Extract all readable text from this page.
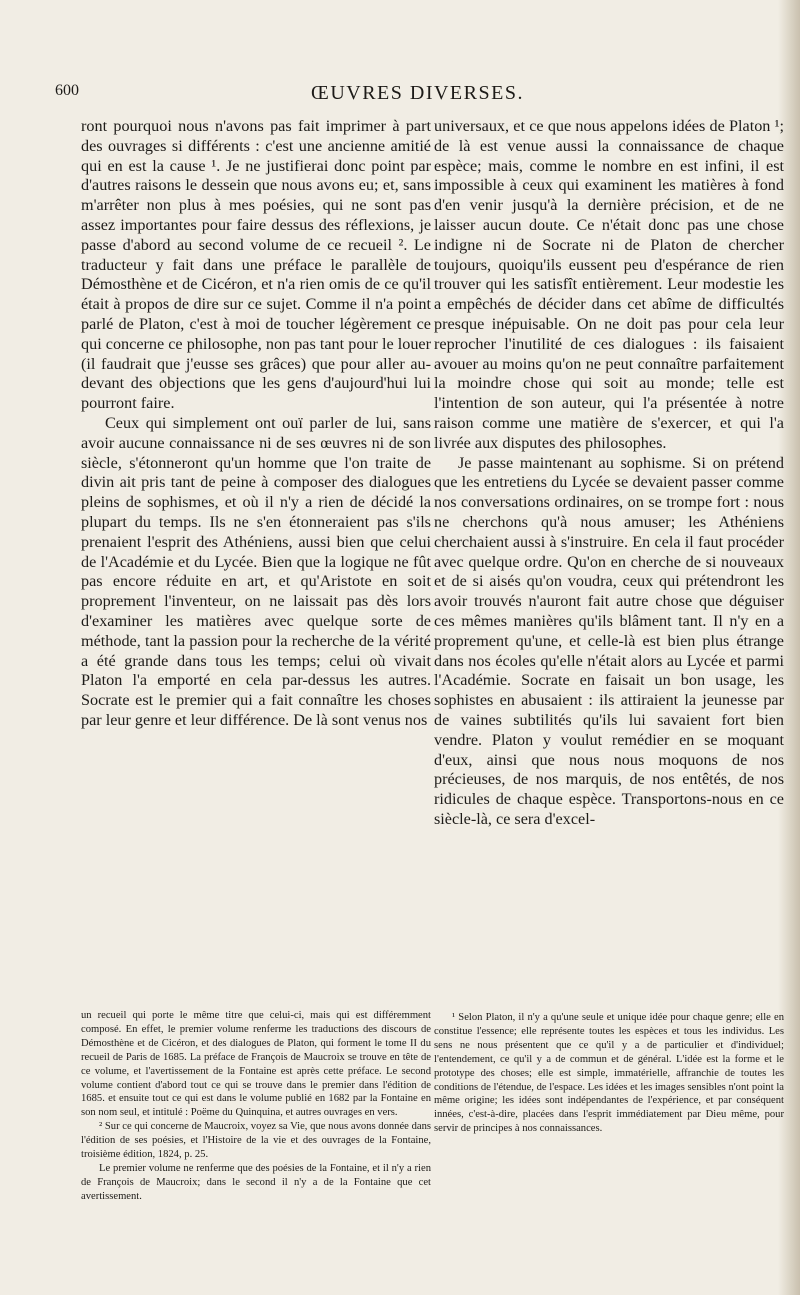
600	ŒUVRES DIVERSES.

ront pourquoi nous n'avons pas fait imprimer à part des ouvrages si différents : c'est une ancienne amitié qui en est la cause ¹. Je ne justifierai donc point par d'autres raisons le dessein que nous avons eu; et, sans m'arrêter non plus à mes poésies, qui ne sont pas assez importantes pour faire dessus des réflexions, je passe d'abord au second volume de ce recueil ². Le traducteur y fait dans une préface le parallèle de Démosthène et de Cicéron, et n'a rien omis de ce qu'il était à propos de dire sur ce sujet. Comme il n'a point parlé de Platon, c'est à moi de toucher légèrement ce qui concerne ce philosophe, non pas tant pour le louer (il faudrait que j'eusse ses grâces) que pour aller au-devant des objections que les gens d'aujourd'hui lui pourront faire.

Ceux qui simplement ont ouï parler de lui, sans avoir aucune connaissance ni de ses œuvres ni de son siècle, s'étonneront qu'un homme que l'on traite de divin ait pris tant de peine à composer des dialogues pleins de sophismes, et où il n'y a rien de décidé la plupart du temps. Ils ne s'en étonneraient pas s'ils prenaient l'esprit des Athéniens, aussi bien que celui de l'Académie et du Lycée. Bien que la logique ne fût pas encore réduite en art, et qu'Aristote en soit proprement l'inventeur, on ne laissait pas dès lors d'examiner les matières avec quelque sorte de méthode, tant la passion pour la recherche de la vérité a été grande dans tous les temps; celui où vivait Platon l'a emporté en cela par-dessus les autres. Socrate est le premier qui a fait connaître les choses par leur genre et leur différence. De là sont venus nos

un recueil qui porte le même titre que celui-ci, mais qui est différemment composé. En effet, le premier volume renferme les traductions des discours de Démosthène et de Cicéron, et des dialogues de Platon, qui forment le tome II du recueil de Paris de 1685. La préface de François de Maucroix se trouve en tête de ce volume, et l'avertissement de la Fontaine est après cette préface. Le second volume contient d'abord tout ce qui se trouve dans le premier dans l'édition de 1685. et ensuite tout ce qui est dans le volume publié en 1682 par la Fontaine en son nom seul, et intitulé : Poëme du Quinquina, et autres ouvrages en vers.

² Sur ce qui concerne de Maucroix, voyez sa Vie, que nous avons donnée dans l'édition de ses poésies, et l'Histoire de la vie et des ouvrages de la Fontaine, troisième édition, 1824, p. 25.

Le premier volume ne renferme que des poésies de la Fontaine, et il n'y a rien de François de Maucroix; dans le second il n'y a de la Fontaine que cet avertissement.

universaux, et ce que nous appelons idées de Platon ¹; de là est venue aussi la connaissance de chaque espèce; mais, comme le nombre en est infini, il est impossible à ceux qui examinent les matières à fond d'en venir jusqu'à la dernière précision, et de ne laisser aucun doute. Ce n'était donc pas une chose indigne ni de Socrate ni de Platon de chercher toujours, quoiqu'ils eussent peu d'espérance de rien trouver qui les satisfît entièrement. Leur modestie les a empêchés de décider dans cet abîme de difficultés presque inépuisable. On ne doit pas pour cela leur reprocher l'inutilité de ces dialogues : ils faisaient avouer au moins qu'on ne peut connaître parfaitement la moindre chose qui soit au monde; telle est l'intention de son auteur, qui l'a présentée à notre raison comme une matière de s'exercer, et qui l'a livrée aux disputes des philosophes.

Je passe maintenant au sophisme. Si on prétend que les entretiens du Lycée se devaient passer comme nos conversations ordinaires, on se trompe fort : nous ne cherchons qu'à nous amuser; les Athéniens cherchaient aussi à s'instruire. En cela il faut procéder avec quelque ordre. Qu'on en cherche de si nouveaux et de si aisés qu'on voudra, ceux qui prétendront les avoir trouvés n'auront fait autre chose que déguiser ces mêmes manières qu'ils blâment tant. Il n'y en a proprement qu'une, et celle-là est bien plus étrange dans nos écoles qu'elle n'était alors au Lycée et parmi l'Académie. Socrate en faisait un bon usage, les sophistes en abusaient : ils attiraient la jeunesse par de vaines subtilités qu'ils lui savaient fort bien vendre. Platon y voulut remédier en se moquant d'eux, ainsi que nous nous moquons de nos précieuses, de nos marquis, de nos entêtés, de nos ridicules de chaque espèce. Transportons-nous en ce siècle-là, ce sera d'excel-

¹ Selon Platon, il n'y a qu'une seule et unique idée pour chaque genre; elle en constitue l'essence; elle représente toutes les espèces et tous les individus. Les sens ne nous présentent que ce qu'il y a de particulier et d'individuel; l'entendement, ce qu'il y a de commun et de général. L'idée est la forme et le prototype des choses; elle est simple, immatérielle, affranchie de toutes les conditions de l'étendue, de l'espace. Les idées et les images sensibles n'ont point la même origine; les idées sont indépendantes de l'expérience, et par conséquent innées, c'est-à-dire, placées dans l'esprit immédiatement par Dieu même, pour servir de principes à nos connaissances.
